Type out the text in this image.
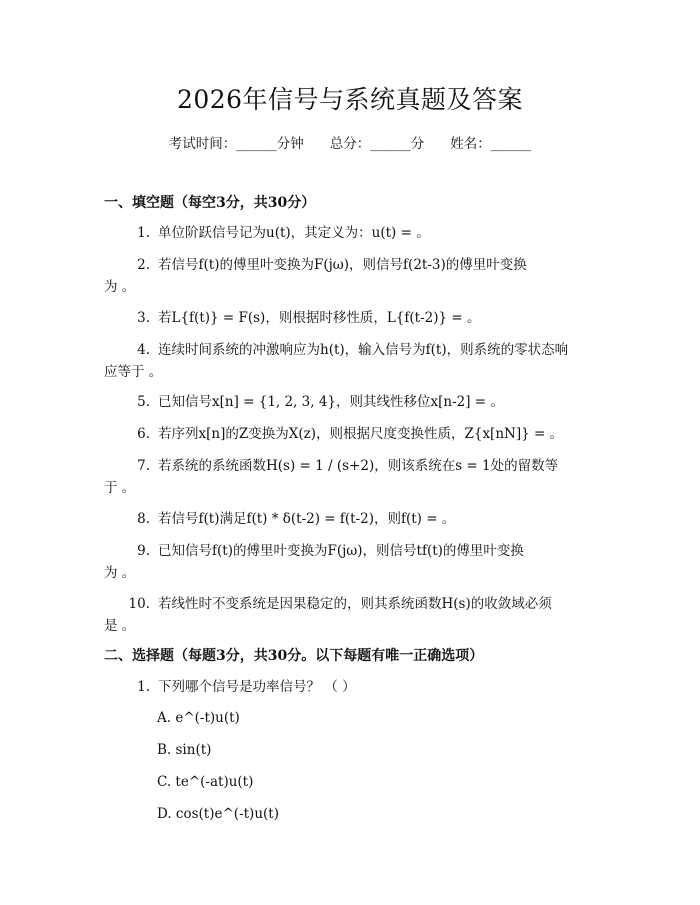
2026年信号与系统真题及答案
考试时间：______分钟 总分：______分 姓名：______
一、填空题（每空3分，共30分）
1. 单位阶跃信号记为u(t)，其定义为：u(t) = 。
2. 若信号f(t)的傅里叶变换为F(jω)，则信号f(2t-3)的傅里叶变换
为 。
3. 若L{f(t)} = F(s)，则根据时移性质，L{f(t-2)} = 。
4. 连续时间系统的冲激响应为h(t)，输入信号为f(t)，则系统的零状态响
应等于 。
5. 已知信号x[n] = {1, 2, 3, 4}，则其线性移位x[n-2] = 。
6. 若序列x[n]的Z变换为X(z)，则根据尺度变换性质，Z{x[nN]} = 。
7. 若系统的系统函数H(s) = 1 / (s+2)，则该系统在s = 1处的留数等
于 。
8. 若信号f(t)满足f(t) * δ(t-2) = f(t-2)，则f(t) = 。
9. 已知信号f(t)的傅里叶变换为F(jω)，则信号tf(t)的傅里叶变换
为 。
10. 若线性时不变系统是因果稳定的，则其系统函数H(s)的收敛域必须
是 。
二、选择题（每题3分，共30分。以下每题有唯一正确选项）
1. 下列哪个信号是功率信号？ （ ）
A. e^(-t)u(t)
B. sin(t)
C. te^(-at)u(t)
D. cos(t)e^(-t)u(t)
